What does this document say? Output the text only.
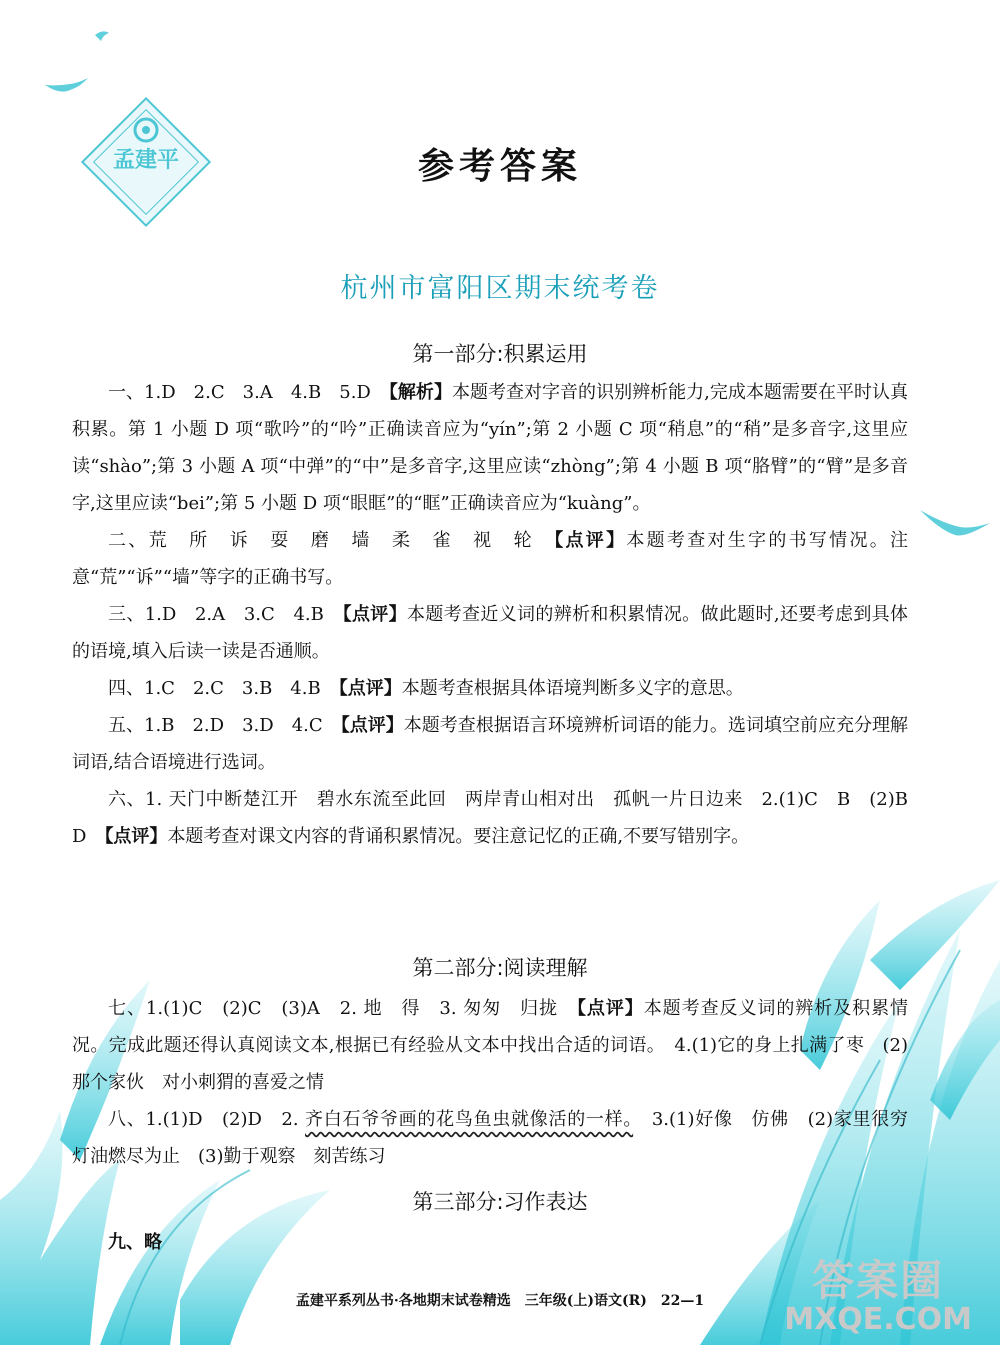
孟建平	参考答案
杭州市富阳区期末统考卷
第一部分:积累运用

一、1.D　2.C　3.A　4.B　5.D　 【解析】本题考查对字音的识别辨析能力,完成本题需要在平时认真积累。第 1 小题 D 项“歌吟”的“吟”正确读音应为“yín”;第 2 小题 C 项“稍息”的“稍”是多音字,这里应读“shào”;第 3 小题 A 项“中弹”的“中”是多音字,这里应读“zhòng”;第 4 小题 B 项“胳臂”的“臂”是多音字,这里应读“bei”;第 5 小题 D 项“眼眶”的“眶”正确读音应为“kuàng”。

二、荒　所　诉　耍　磨　墙　柔　雀　视　轮　 【点评】本题考查对生字的书写情况。注意“荒”“诉”“墙”等字的正确书写。

三、1.D　2.A　3.C　4.B　 【点评】本题考查近义词的辨析和积累情况。做此题时,还要考虑到具体的语境,填入后读一读是否通顺。

四、1.C　2.C　3.B　4.B　 【点评】本题考查根据具体语境判断多义字的意思。

五、1.B　2.D　3.D　4.C　 【点评】本题考查根据语言环境辨析词语的能力。选词填空前应充分理解词语,结合语境进行选词。

六、1. 天门中断楚江开　碧水东流至此回　两岸青山相对出　孤帆一片日边来　2.(1)C　B　(2)B　D　 【点评】本题考查对课文内容的背诵积累情况。要注意记忆的正确,不要写错别字。

第二部分:阅读理解

七、1.(1)C　(2)C　(3)A　2. 地　得　3. 匆匆　归拢　 【点评】本题考查反义词的辨析及积累情况。完成此题还得认真阅读文本,根据已有经验从文本中找出合适的词语。　 4.(1)它的身上扎满了枣　(2)那个家伙　对小刺猬的喜爱之情

八、1.(1)D　(2)D　2. 齐白石爷爷画的花鸟鱼虫就像活的一样。　 3.(1)好像　仿佛　(2)家里很穷　灯油燃尽为止　(3)勤于观察　刻苦练习

第三部分:习作表达

九、略

孟建平系列丛书·各地期末试卷精选　三年级(上)语文(R)　22—1	答案圈
MXQE.COM
